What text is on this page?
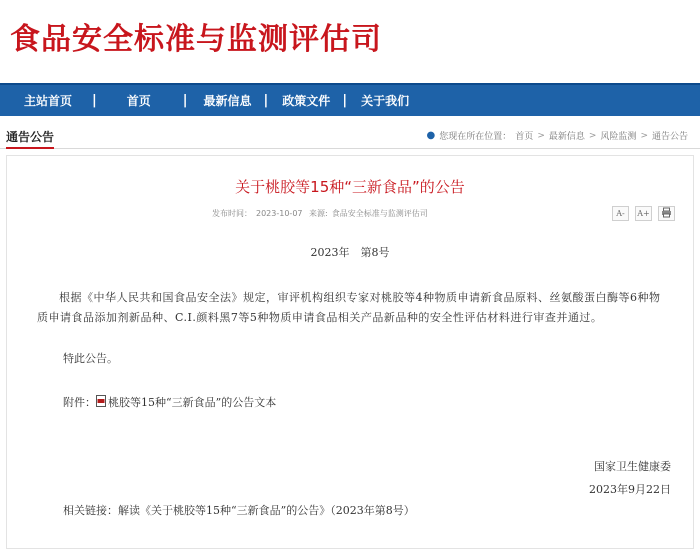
食品安全标准与监测评估司
主站首页 |	首页 | 最新信息 | 政策文件 | 关于我们
通告公告	● 您现在所在位置： 首页 > 最新信息 > 风险监测 > 通告公告
关于桃胶等15种“三新食品”的公告
发布时间： 2023-10-07 来源: 食品安全标准与监测评估司	A-	A+
2023年　第8号

根据《中华人民共和国食品安全法》规定，审评机构组织专家对桃胶等4种物质申请新食品原料、丝氨酸蛋白酶等6种物质申请食品添加剂新品种、C.I.颜料黑7等5种物质申请食品相关产品新品种的安全性评估材料进行审查并通过。

特此公告。
附件： 桃胶等15种“三新食品”的公告文本
国家卫生健康委
2023年9月22日
相关链接：解读《关于桃胶等15种“三新食品”的公告》（2023年第8号）
